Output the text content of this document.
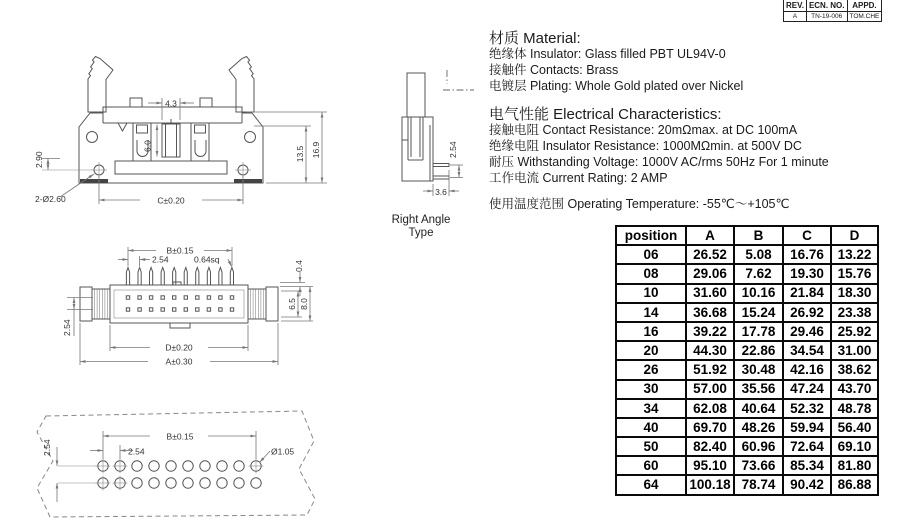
4.3
6.0
2.90	13.5 16.9
C±0.20
2-Ø2.60
2.54
3.6
Right Angle
Type
B±0.15
2.54	0.64sq
0.4
6.5 8.0
2.54
D±0.20
A±0.30
2.54
B±0.15
2.54	Ø1.05
REV.	ECN. NO.	APPD.
A	TN-19-006	TOM.CHE
材质 Material:
绝缘体 Insulator: Glass filled PBT UL94V-0
接触件 Contacts: Brass
电镀层 Plating: Whole Gold plated over Nickel
电气性能 Electrical Characteristics:
接触电阻 Contact Resistance: 20mΩmax. at DC 100mA
绝缘电阻 Insulator Resistance: 1000MΩmin. at 500V DC
耐压 Withstanding Voltage: 1000V AC/rms 50Hz For 1 minute
工作电流 Current Rating: 2 AMP
使用温度范围 Operating Temperature: -55℃～+105℃
position	A	B	C	D
06	26.52	5.08	16.76	13.22
08	29.06	7.62	19.30	15.76
10	31.60	10.16	21.84	18.30
14	36.68	15.24	26.92	23.38
16	39.22	17.78	29.46	25.92
20	44.30	22.86	34.54	31.00
26	51.92	30.48	42.16	38.62
30	57.00	35.56	47.24	43.70
34	62.08	40.64	52.32	48.78
40	69.70	48.26	59.94	56.40
50	82.40	60.96	72.64	69.10
60	95.10	73.66	85.34	81.80
64	100.18	78.74	90.42	86.88
